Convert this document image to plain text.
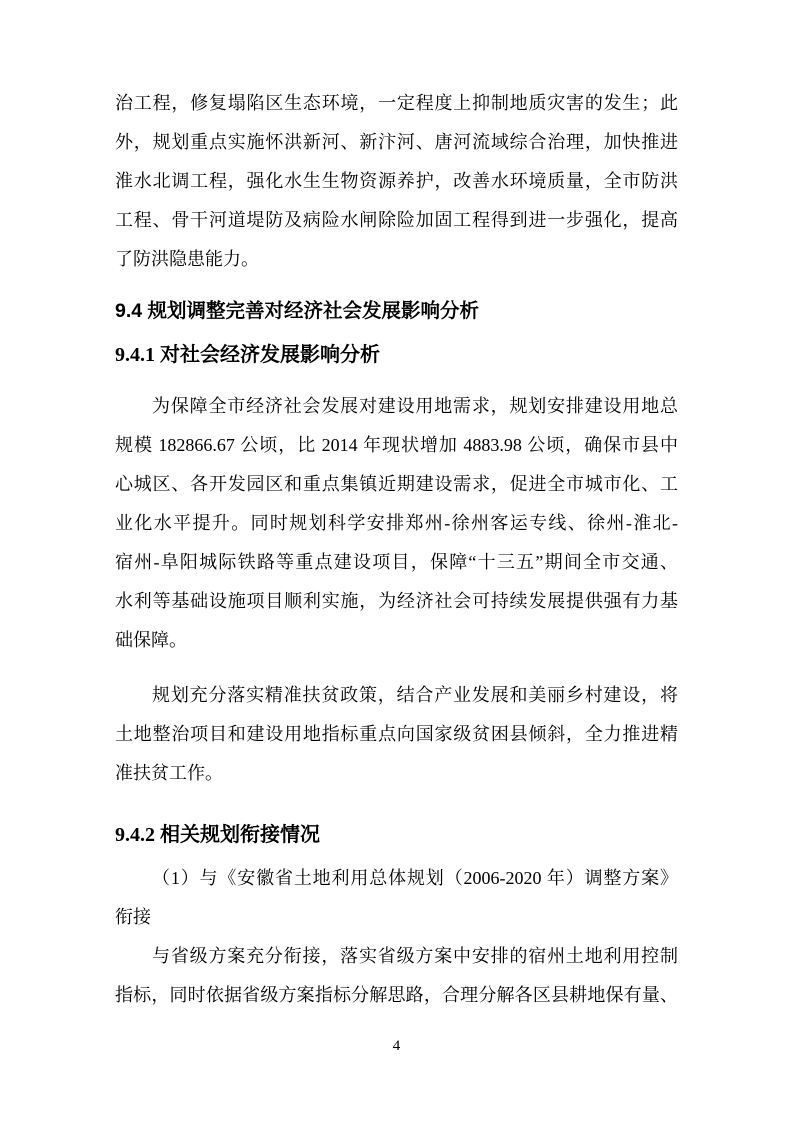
治工程，修复塌陷区生态环境，一定程度上抑制地质灾害的发生；此
外，规划重点实施怀洪新河、新汴河、唐河流域综合治理，加快推进
淮水北调工程，强化水生生物资源养护，改善水环境质量，全市防洪
工程、骨干河道堤防及病险水闸除险加固工程得到进一步强化，提高
了防洪隐患能力。
9.4 规划调整完善对经济社会发展影响分析
9.4.1 对社会经济发展影响分析
为保障全市经济社会发展对建设用地需求，规划安排建设用地总
规模 182866.67 公顷，比 2014 年现状增加 4883.98 公顷，确保市县中
心城区、各开发园区和重点集镇近期建设需求，促进全市城市化、工
业化水平提升。同时规划科学安排郑州-徐州客运专线、徐州-淮北-
宿州-阜阳城际铁路等重点建设项目，保障“十三五”期间全市交通、
水利等基础设施项目顺利实施，为经济社会可持续发展提供强有力基
础保障。
规划充分落实精准扶贫政策，结合产业发展和美丽乡村建设，将
土地整治项目和建设用地指标重点向国家级贫困县倾斜，全力推进精
准扶贫工作。
9.4.2 相关规划衔接情况
（1）与《安徽省土地利用总体规划（2006-2020 年）调整方案》
衔接
与省级方案充分衔接，落实省级方案中安排的宿州土地利用控制
指标，同时依据省级方案指标分解思路，合理分解各区县耕地保有量、
4
